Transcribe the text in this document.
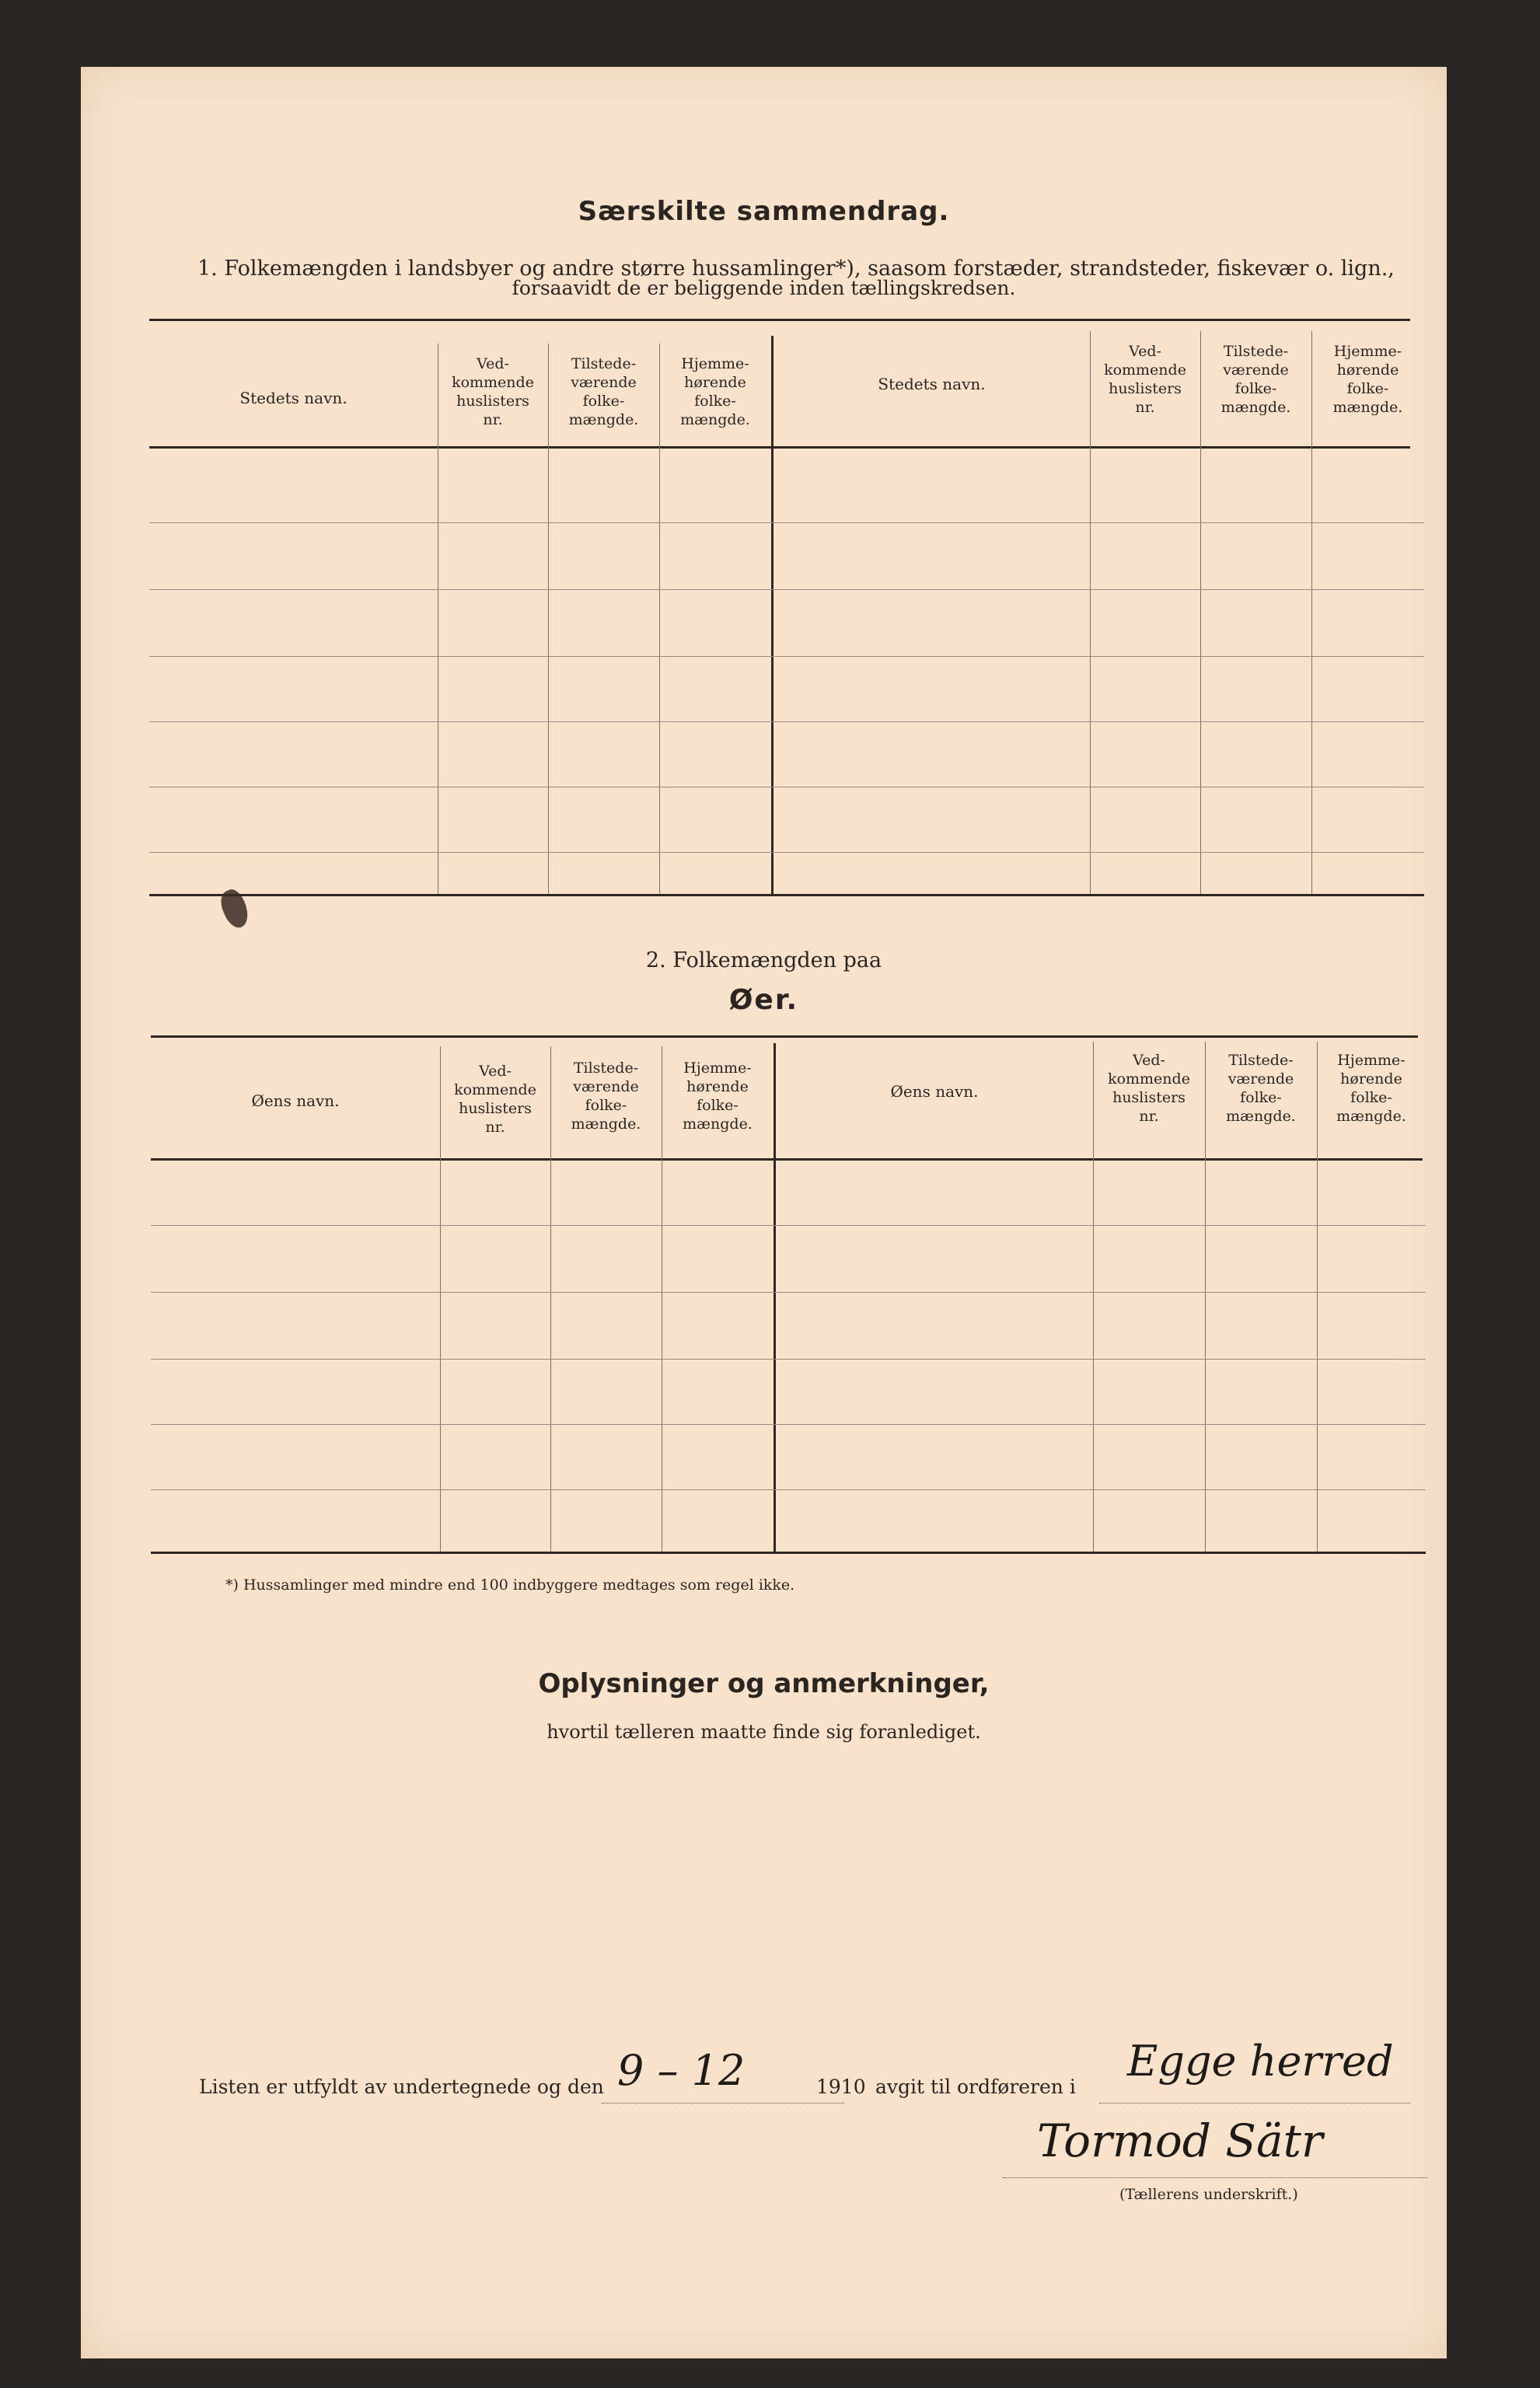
Særskilte sammendrag.
1. Folkemængden i landsbyer og andre større hussamlinger*), saasom forstæder, strandsteder, fiskevær o. lign.,
forsaavidt de er beliggende inden tællingskredsen.
Stedets navn.
Ved-
kommende
huslisters
nr.
Tilstede-
værende
folke-
mængde.
Hjemme-
hørende
folke-
mængde.
Stedets navn.
Ved-
kommende
huslisters
nr.
Tilstede-
værende
folke-
mængde.
Hjemme-
hørende
folke-
mængde.
2. Folkemængden paa
Øer.
Øens navn.
Ved-
kommende
huslisters
nr.
Tilstede-
værende
folke-
mængde.
Hjemme-
hørende
folke-
mængde.
Øens navn.
Ved-
kommende
huslisters
nr.
Tilstede-
værende
folke-
mængde.
Hjemme-
hørende
folke-
mængde.
*) Hussamlinger med mindre end 100 indbyggere medtages som regel ikke.
Oplysninger og anmerkninger,
hvortil tælleren maatte finde sig foranlediget.
Listen er utfyldt av undertegnede og den 9 – 12	1910 avgit til ordføreren i
Egge herred
Tormod Sätr
(Tællerens underskrift.)
